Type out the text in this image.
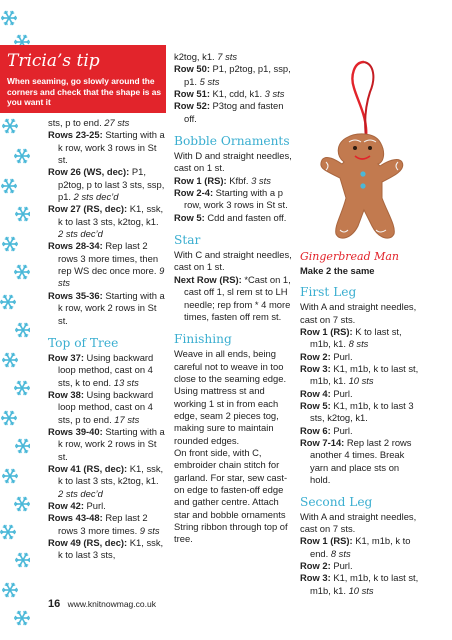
Tricia’s tip
When seaming, go slowly around the corners and check that the shape is as you want it

sts, p to end. 27 sts

Rows 23-25: Starting with a k row, work 3 rows in St st.

Row 26 (WS, dec): P1, p2tog, p to last 3 sts, ssp, p1. 2 sts dec’d

Row 27 (RS, dec): K1, ssk, k to last 3 sts, k2tog, k1. 2 sts dec’d

Rows 28-34: Rep last 2 rows 3 more times, then rep WS dec once more. 9 sts

Rows 35-36: Starting with a k row, work 2 rows in St st.

Top of Tree

Row 37: Using backward loop method, cast on 4 sts, k to end. 13 sts

Row 38: Using backward loop method, cast on 4 sts, p to end. 17 sts

Rows 39-40: Starting with a k row, work 2 rows in St st.

Row 41 (RS, dec): K1, ssk, k to last 3 sts, k2tog, k1. 2 sts dec’d

Row 42: Purl.

Rows 43-48: Rep last 2 rows 3 more times. 9 sts

Row 49 (RS, dec): K1, ssk, k to last 3 sts,

k2tog, k1. 7 sts

Row 50: P1, p2tog, p1, ssp, p1. 5 sts

Row 51: K1, cdd, k1. 3 sts

Row 52: P3tog and fasten off.

Bobble Ornaments

With D and straight needles, cast on 1 st.

Row 1 (RS): Kfbf. 3 sts

Row 2-4: Starting with a p row, work 3 rows in St st.

Row 5: Cdd and fasten off.

Star

With C and straight needles, cast on 1 st.

Next Row (RS): *Cast on 1, cast off 1, sl rem st to LH needle; rep from * 4 more times, fasten off rem st.

Finishing

Weave in all ends, being careful not to weave in too close to the seaming edge. Using mattress st and working 1 st in from each edge, seam 2 pieces tog, making sure to maintain rounded edges.

On front side, with C, embroider chain stitch for garland. For star, sew cast-on edge to fasten-off edge and gather centre. Attach star and bobble ornaments String ribbon through top of tree.

Gingerbread Man

Make 2 the same

First Leg

With A and straight needles, cast on 7 sts.

Row 1 (RS): K to last st, m1b, k1. 8 sts

Row 2: Purl.

Row 3: K1, m1b, k to last st, m1b, k1. 10 sts

Row 4: Purl.

Row 5: K1, m1b, k to last 3 sts, k2tog, k1.

Row 6: Purl.

Row 7-14: Rep last 2 rows another 4 times. Break yarn and place sts on hold.

Second Leg

With A and straight needles, cast on 7 sts.

Row 1 (RS): K1, m1b, k to end. 8 sts

Row 2: Purl.

Row 3: K1, m1b, k to last st, m1b, k1. 10 sts

16 www.knitnowmag.co.uk
